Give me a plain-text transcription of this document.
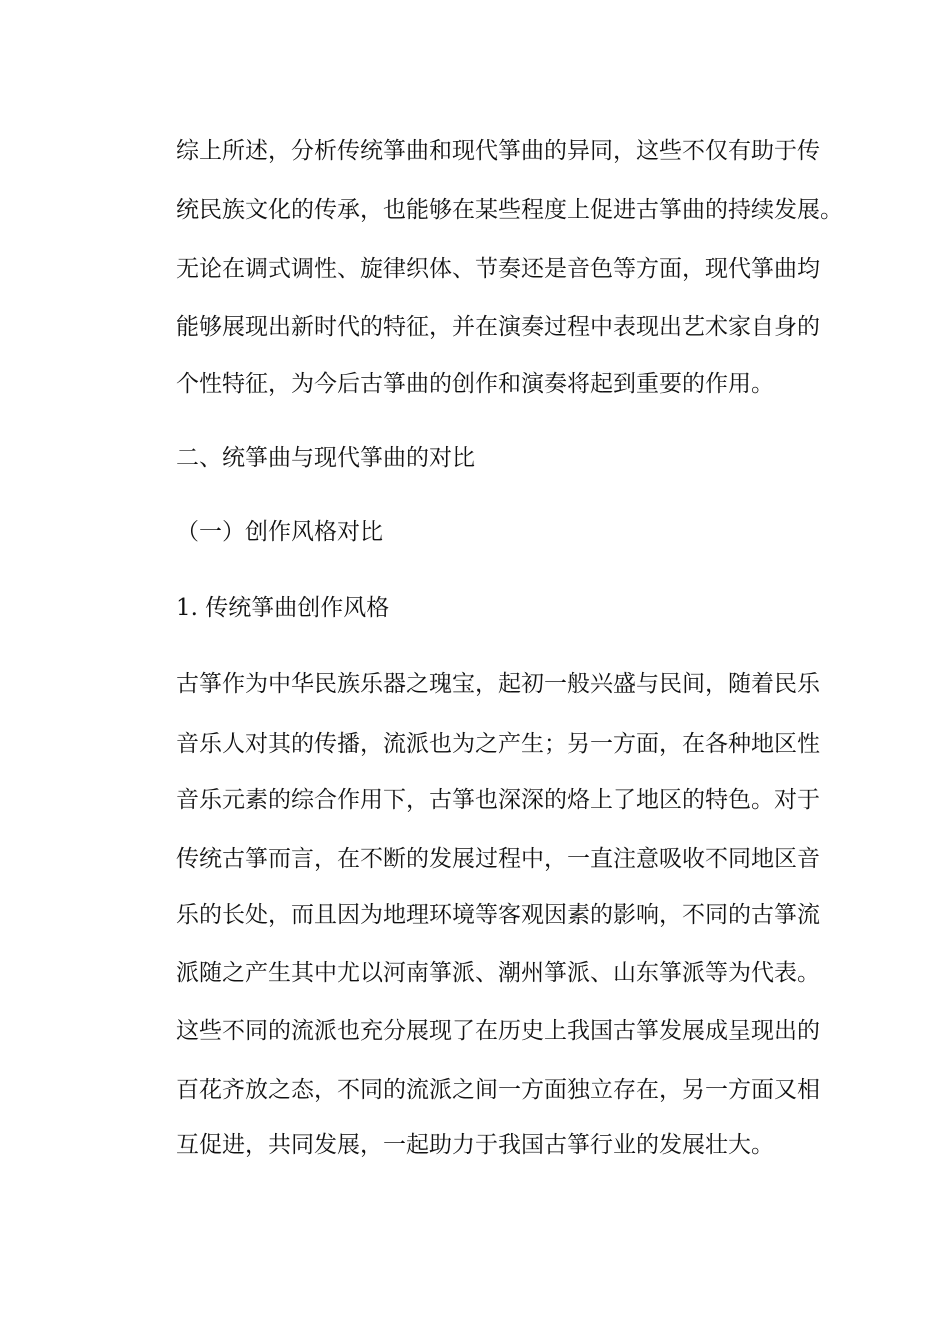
综上所述，分析传统箏曲和现代箏曲的异同，这些不仅有助于传
统民族文化的传承，也能够在某些程度上促进古箏曲的持续发展。
无论在调式调性、旋律织体、节奏还是音色等方面，现代箏曲均
能够展现出新时代的特征，并在演奏过程中表现出艺术家自身的
个性特征，为今后古箏曲的创作和演奏将起到重要的作用。
二、统箏曲与现代箏曲的对比
（一）创作风格对比
1. 传统箏曲创作风格
古箏作为中华民族乐器之瑰宝，起初一般兴盛与民间，随着民乐
音乐人对其的传播，流派也为之产生；另一方面，在各种地区性
音乐元素的综合作用下，古箏也深深的烙上了地区的特色。对于
传统古箏而言，在不断的发展过程中，一直注意吸收不同地区音
乐的长处，而且因为地理环境等客观因素的影响，不同的古箏流
派随之产生其中尤以河南箏派、潮州箏派、山东箏派等为代表。
这些不同的流派也充分展现了在历史上我国古箏发展成呈现出的
百花齐放之态，不同的流派之间一方面独立存在，另一方面又相
互促进，共同发展，一起助力于我国古箏行业的发展壮大。
